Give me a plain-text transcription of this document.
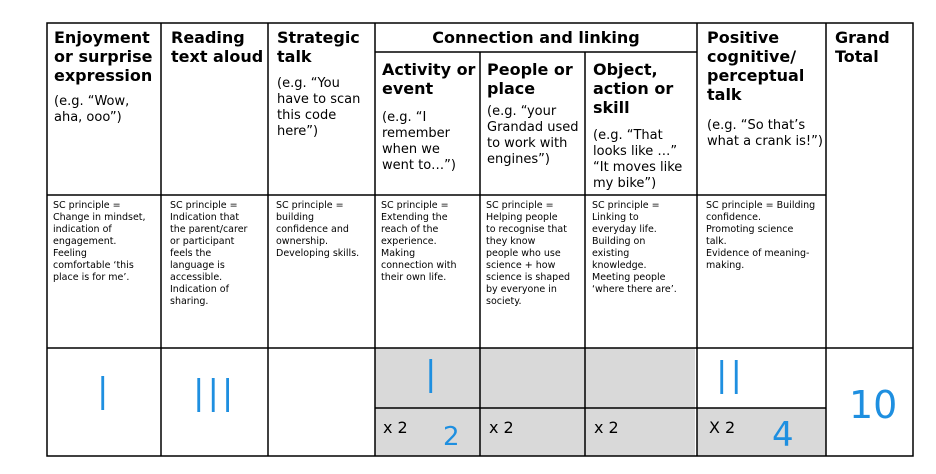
Enjoyment or surprise expression
(e.g. “Wow,
aha, ooo”)
SC principle =
Change in mindset,
indication of
engagement.
Feeling
comfortable ‘this
place is for me’.
|
Reading text aloud
SC principle =
Indication that
the parent/carer
or participant
feels the
language is
accessible.
Indication of
sharing.
|||
Strategic talk
(e.g. “You
have to scan
this code
here”)
SC principle =
building
confidence and
ownership.
Developing skills.
Connection and linking
Activity or event
(e.g. “I
remember
when we
went to…”)
SC principle =
Extending the
reach of the
experience.
Making
connection with
their own life.
|
x 2 2
People or place
(e.g. “your
Grandad used
to work with
engines”)
SC principle =
Helping people
to recognise that
they know
people who use
science + how
science is shaped
by everyone in
society.
x 2
Object, action or skill
(e.g. “That
looks like …”
“It moves like
my bike”)
SC principle =
Linking to
everyday life.
Building on
existing
knowledge.
Meeting people
‘where there are’.
x 2
Positive cognitive/ perceptual talk
(e.g. “So that’s
what a crank is!”)
SC principle = Building
confidence.
Promoting science
talk.
Evidence of meaning-
making.
||
X 2 4
Grand Total
10
